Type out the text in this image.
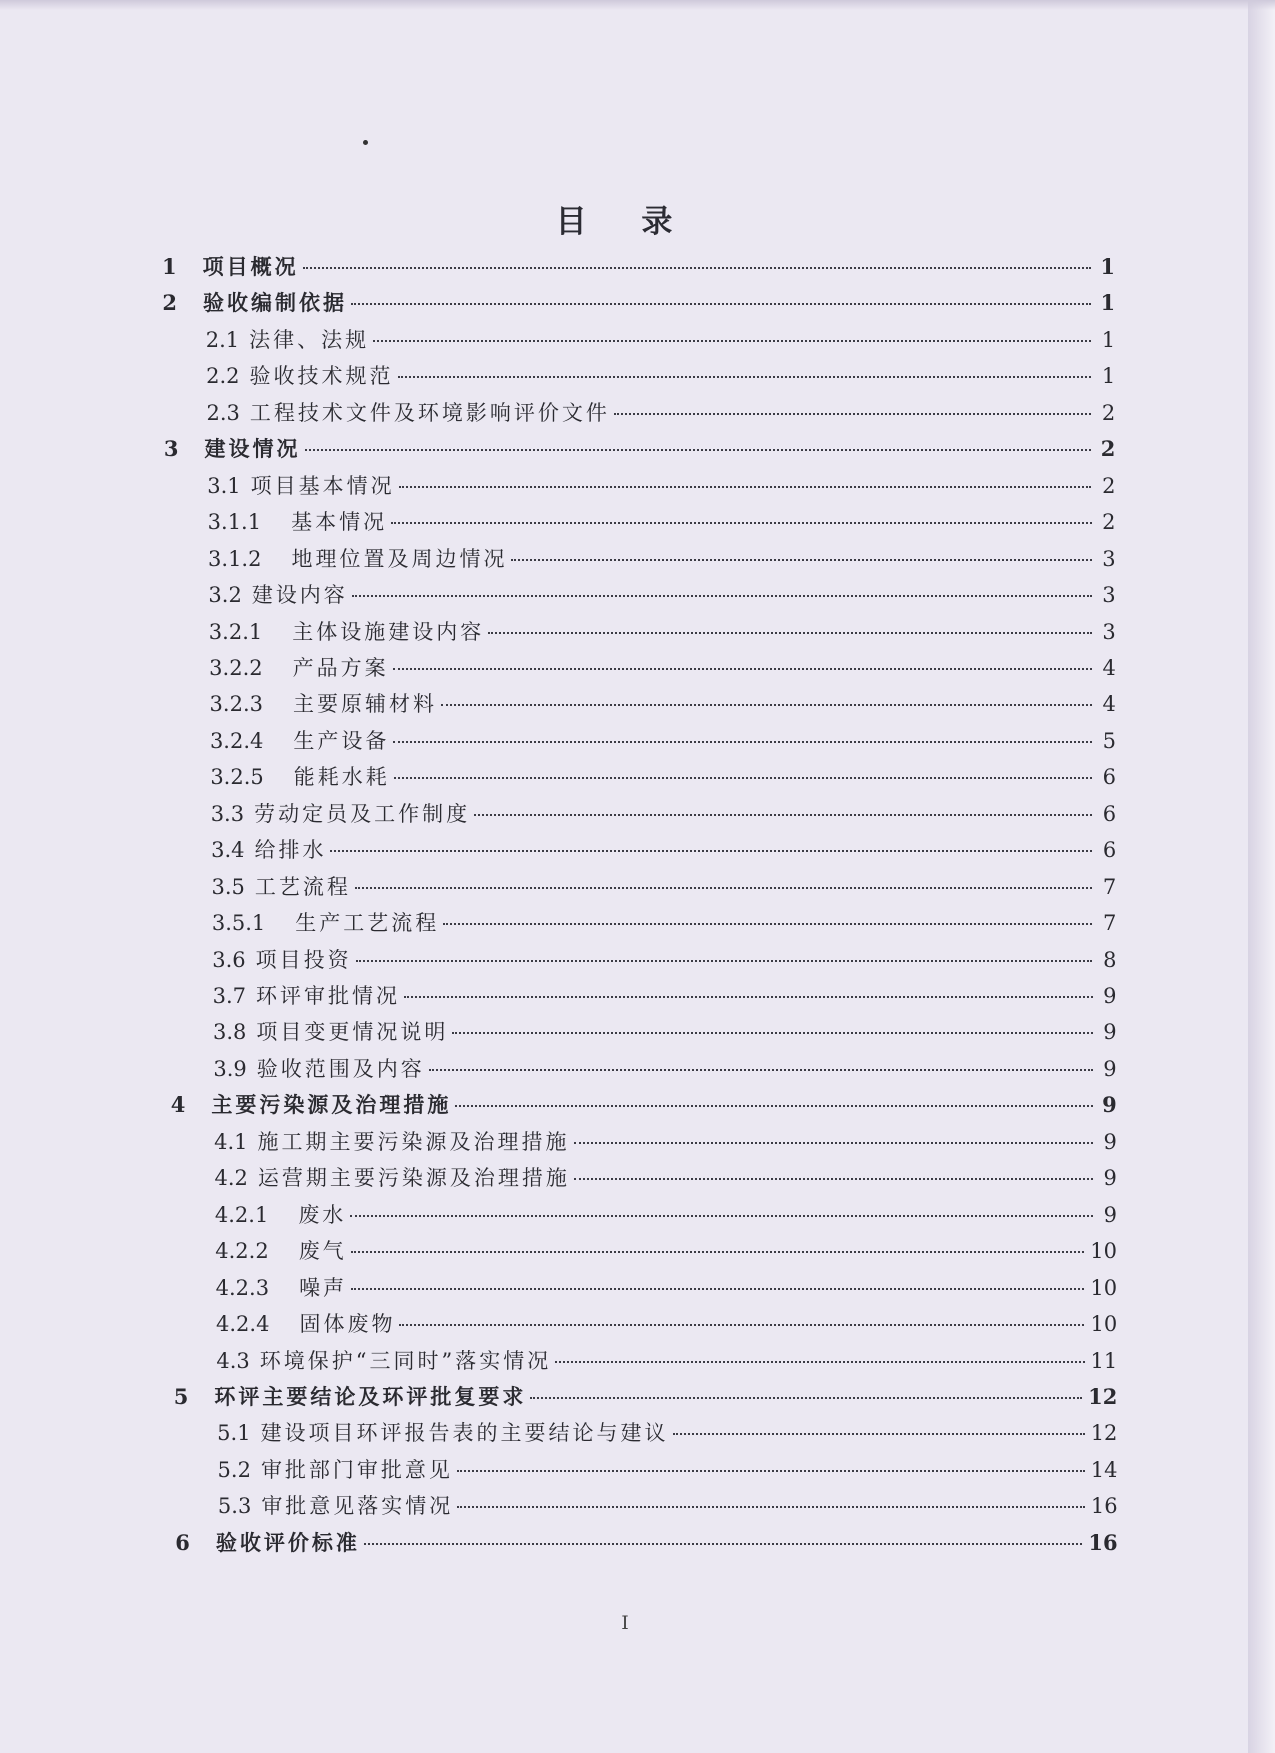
目 录
1	项目概况	1
2	验收编制依据	1
2.1 法律、法规	1
2.2 验收技术规范	1
2.3 工程技术文件及环境影响评价文件	2
3	建设情况	2
3.1 项目基本情况	2
3.1.1	基本情况	2
3.1.2	地理位置及周边情况	3
3.2 建设内容	3
3.2.1	主体设施建设内容	3
3.2.2	产品方案	4
3.2.3	主要原辅材料	4
3.2.4	生产设备	5
3.2.5	能耗水耗	6
3.3 劳动定员及工作制度	6
3.4 给排水	6
3.5 工艺流程	7
3.5.1	生产工艺流程	7
3.6 项目投资	8
3.7 环评审批情况	9
3.8 项目变更情况说明	9
3.9 验收范围及内容	9
4	主要污染源及治理措施	9
4.1 施工期主要污染源及治理措施	9
4.2 运营期主要污染源及治理措施	9
4.2.1	废水	9
4.2.2	废气	10
4.2.3	噪声	10
4.2.4	固体废物	10
4.3 环境保护“三同时”落实情况	11
5	环评主要结论及环评批复要求	12
5.1 建设项目环评报告表的主要结论与建议	12
5.2 审批部门审批意见	14
5.3 审批意见落实情况	16
6	验收评价标准	16
I
